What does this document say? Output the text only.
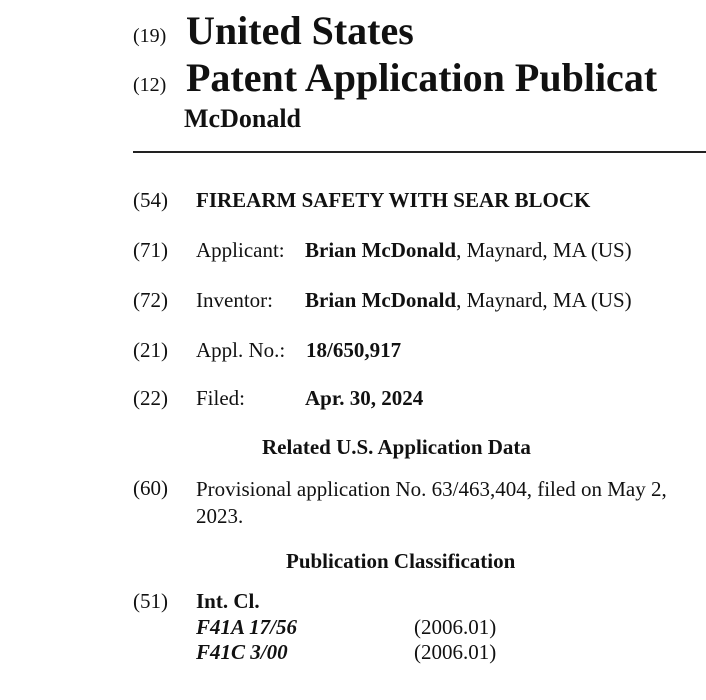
(19) United States
(12) Patent Application Publicat
McDonald
(54) FIREARM SAFETY WITH SEAR BLOCK
(71) Applicant: Brian McDonald, Maynard, MA (US)
(72) Inventor: Brian McDonald, Maynard, MA (US)
(21) Appl. No.: 18/650,917
(22) Filed:	Apr. 30, 2024
Related U.S. Application Data
(60) Provisional application No. 63/463,404, filed on May 2, 2023.
Publication Classification
(51) Int. Cl.
F41A 17/56	(2006.01)
F41C 3/00	(2006.01)
